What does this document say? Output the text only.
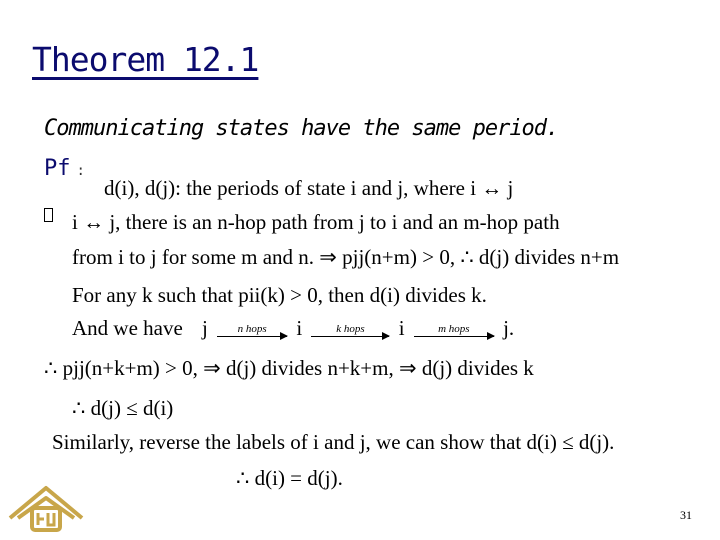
Theorem 12.1
Communicating states have the same period.
Pf :
d(i), d(j): the periods of state i and j, where i ↔ j
i ↔ j, there is an n-hop path from j to i and an m-hop path
from i to j for some m and n. ⇒ pjj(n+m) > 0, ∴ d(j) divides n+m
For any k such that pii(k) > 0, then d(i) divides k.
And we have j	n hops	i	k hops	i	m hops	j.
∴ pjj(n+k+m) > 0, ⇒ d(j) divides n+k+m, ⇒ d(j) divides k
∴ d(j) ≤ d(i)
Similarly, reverse the labels of i and j, we can show that d(i) ≤ d(j).
∴ d(i) = d(j).
31
